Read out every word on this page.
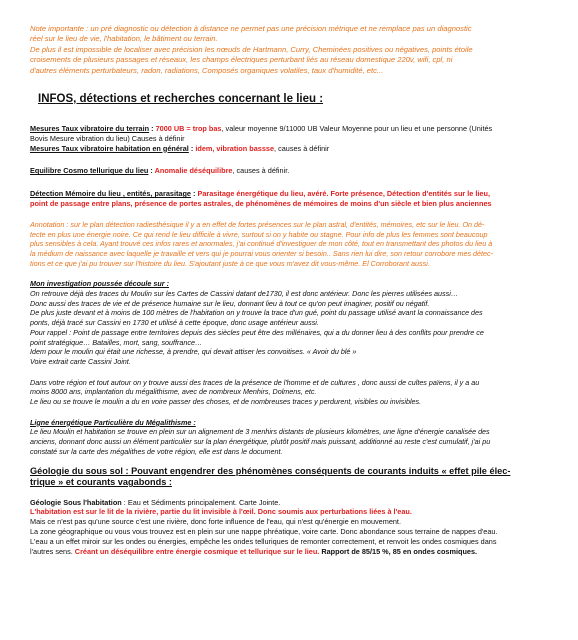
Note importante : un pré diagnostic ou détection à distance ne permet pas une précision métrique et ne remplace pas un diagnostic

réel sur le lieu de vie, l'habitation, le bâtiment ou terrain.

De plus il est impossible de localiser avec précision les nœuds de Hartmann, Curry, Cheminées positives ou négatives, points étoile

croisements de plusieurs passages et réseaux, les champs électriques perturbant liés au réseau domestique 220v, wifi, cpl, ni

d'autres éléments perturbateurs, radon, radiations, Composés organiques volatiles, taux d'humidité, etc...

INFOS, détections et recherches concernant le lieu :
Mesures Taux vibratoire du terrain : 7000 UB = trop bas, valeur moyenne 9/11000 UB Valeur Moyenne pour un lieu et une personne (Unités
Bovis Mesure vibration du lieu) Causes à définir
Mesures Taux vibratoire habitation en général : idem, vibration bassse, causes à définir
Equilibre Cosmo tellurique du lieu : Anomalie déséquilibre, causes à définir.
Détection Mémoire du lieu , entités, parasitage : Parasitage énergétique du lieu, avéré. Forte présence, Détection d'entités sur le lieu,
point de passage entre plans, présence de portes astrales, de phénomènes de mémoires de moins d'un siècle et bien plus anciennes
Annotation : sur le plan détection radiesthésique il y a en effet de fortes présences sur le plan astral, d'entités, mémoires, etc sur le lieu. On dé-
tecte en plus une énergie noire. Ce qui rend le lieu difficile à vivre, surtout si on y habite ou stagne. Pour info de plus les femmes sont beaucoup
plus sensibles à cela. Ayant trouvé ces infos rares et anormales, j'ai continué d'investiguer de mon côté, tout en transmettant des photos du lieu à
la médium de naissance avec laquelle je travaille et vers qui je pourrai vous orienter si besoin.. Sans rien lui dire, son retour corrobore mes détec-
tions et ce que j'ai pu trouver sur l'histoire du lieu. S'ajoutant juste à ce que vous m'avez dit vous-même. El Corroborant aussi.
Mon investigation poussée découle sur :
On retrouve déjà des traces du Moulin sur les Cartes de Cassini datant de1730, il est donc antérieur. Donc les pierres utilisées aussi…
Donc aussi des traces de vie et de présence humaine sur le lieu, donnant lieu à tout ce qu'on peut imaginer, positif ou négatif.
De plus juste devant et à moins de 100 mètres de l'habitation on y trouve la trace d'un gué, point du passage utilisé avant la connaissance des
ponts, déjà tracé sur Cassini en 1730 et utilisé à cette époque, donc usage antérieur aussi.
Pour rappel : Point de passage entre territoires depuis des siècles peut être des millénaires, qui a du donner lieu à des conflits pour prendre ce
point stratégique… Batailles, mort, sang, souffrance…
Idem pour le moulin qui était une richesse, à prendre, qui devait attiser les convoitises. « Avoir du blé »
Voire extrait carte Cassini Joint.
Dans votre région et tout autour on y trouve aussi des traces de la présence de l'homme et de cultures , donc aussi de cultes païens, il y a au
moins 8000 ans, implantation du mégalithisme, avec de nombreux Menhirs, Dolmens, etc.
Le lieu ou se trouve le moulin a du en voire passer des choses, et de nombreuses traces y perdurent, visibles ou invisibles.
Ligne énergétique Particulière du Mégalithisme :
Le lieu Moulin et habitation se trouve en plein sur un alignement de 3 menhirs distants de plusieurs kilomètres, une ligne d'énergie canalisée des
anciens, donnant donc aussi un élément particulier sur la plan énergétique, plutôt positif mais puissant, additionné au reste c'est cumulatif, j'ai pu
constaté sur la carte des mégalithes de votre région, elle est dans le document.
Géologie du sous sol : Pouvant engendrer des phénomènes conséquents de courants induits « effet pile élec-
trique » et courants vagabonds :
Géologie Sous l'habitation : Eau et Sédiments principalement. Carte Jointe.
L'habitation est sur le lit de la rivière, partie du lit invisible à l'œil. Donc soumis aux perturbations liées à l'eau.
Mais ce n'est pas qu'une source c'est une rivière, donc forte influence de l'eau, qui n'est qu'énergie en mouvement.
La zone géographique ou vous vous trouvez est en plein sur une nappe phréatique, voire carte. Donc abondance sous terraine de nappes d'eau.
L'eau a un effet miroir sur les ondes ou énergies, empêche les ondes telluriques de remonter correctement, et renvoit les ondes cosmiques dans
l'autres sens. Créant un déséquilibre entre énergie cosmique et tellurique sur le lieu. Rapport de 85/15 %, 85 en ondes cosmiques.
